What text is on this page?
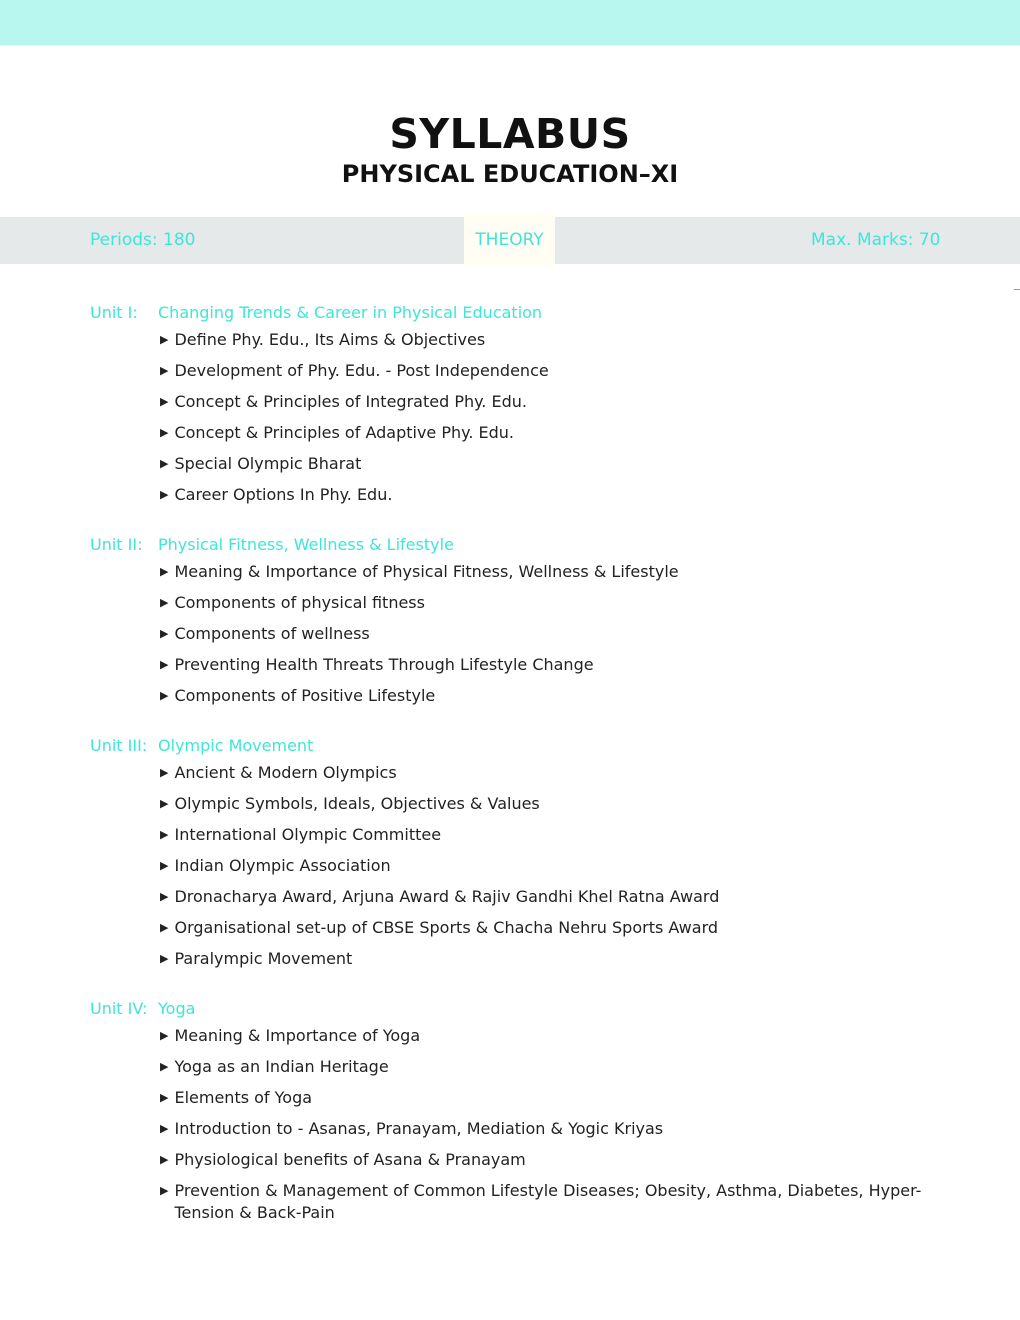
SYLLABUS
PHYSICAL EDUCATION–XI
Periods: 180	Max. Marks: 70
THEORY
Unit I: Changing Trends & Career in Physical Education
▶ Define Phy. Edu., Its Aims & Objectives
▶ Development of Phy. Edu. - Post Independence
▶ Concept & Principles of Integrated Phy. Edu.
▶ Concept & Principles of Adaptive Phy. Edu.
▶ Special Olympic Bharat
▶ Career Options In Phy. Edu.
Unit II: Physical Fitness, Wellness & Lifestyle
▶ Meaning & Importance of Physical Fitness, Wellness & Lifestyle
▶ Components of physical fitness
▶ Components of wellness
▶ Preventing Health Threats Through Lifestyle Change
▶ Components of Positive Lifestyle
Unit III: Olympic Movement
▶ Ancient & Modern Olympics
▶ Olympic Symbols, Ideals, Objectives & Values
▶ International Olympic Committee
▶ Indian Olympic Association
▶ Dronacharya Award, Arjuna Award & Rajiv Gandhi Khel Ratna Award
▶ Organisational set-up of CBSE Sports & Chacha Nehru Sports Award
▶ Paralympic Movement
Unit IV: Yoga
▶ Meaning & Importance of Yoga
▶ Yoga as an Indian Heritage
▶ Elements of Yoga
▶ Introduction to - Asanas, Pranayam, Mediation & Yogic Kriyas
▶ Physiological benefits of Asana & Pranayam
▶ Prevention & Management of Common Lifestyle Diseases; Obesity, Asthma, Diabetes, Hyper-Tension & Back-Pain
